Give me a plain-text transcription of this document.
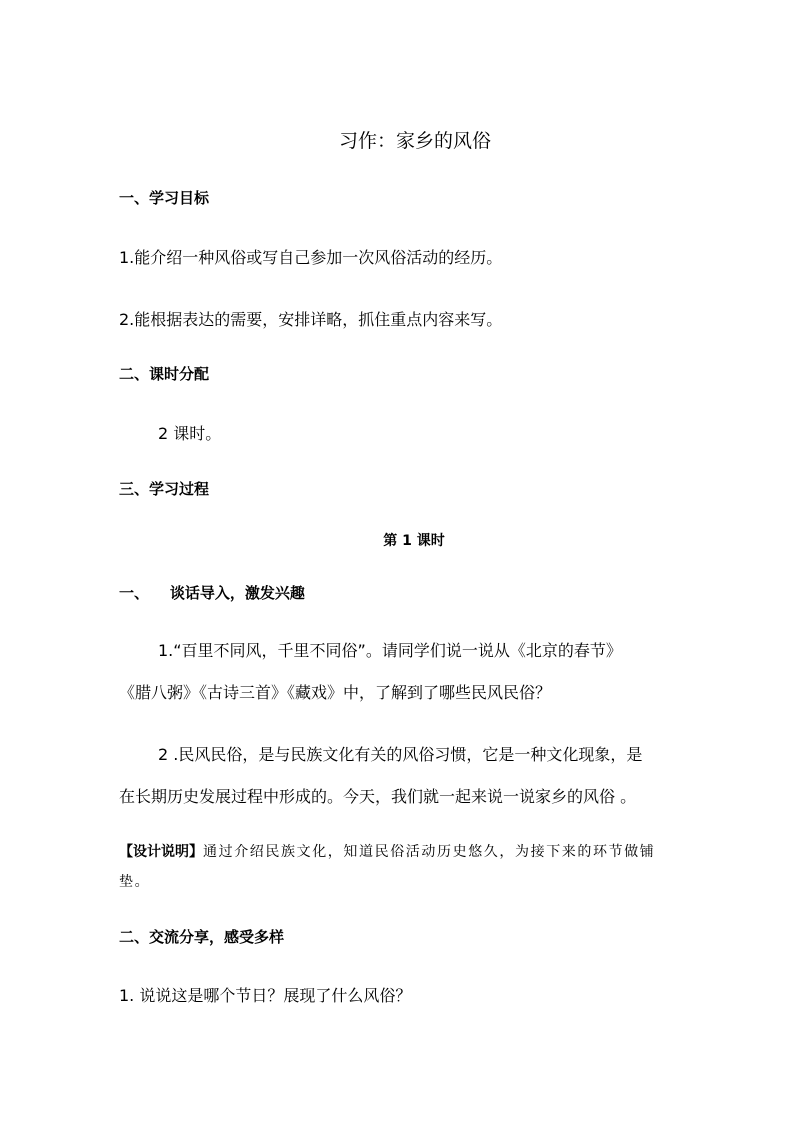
习作：家乡的风俗
一、学习目标
1.能介绍一种风俗或写自己参加一次风俗活动的经历。
2.能根据表达的需要，安排详略，抓住重点内容来写。
二、课时分配
2 课时。
三、学习过程
第 1 课时
一、    谈话导入，激发兴趣
1.“百里不同风，千里不同俗”。请同学们说一说从《北京的春节》
《腊八粥》《古诗三首》《藏戏》中，了解到了哪些民风民俗？
2 .民风民俗，是与民族文化有关的风俗习惯，它是一种文化现象，是
在长期历史发展过程中形成的。今天，我们就一起来说一说家乡的风俗 。
【设计说明】通过介绍民族文化，知道民俗活动历史悠久，为接下来的环节做铺垫。
二、交流分享，感受多样
1. 说说这是哪个节日？展现了什么风俗？
